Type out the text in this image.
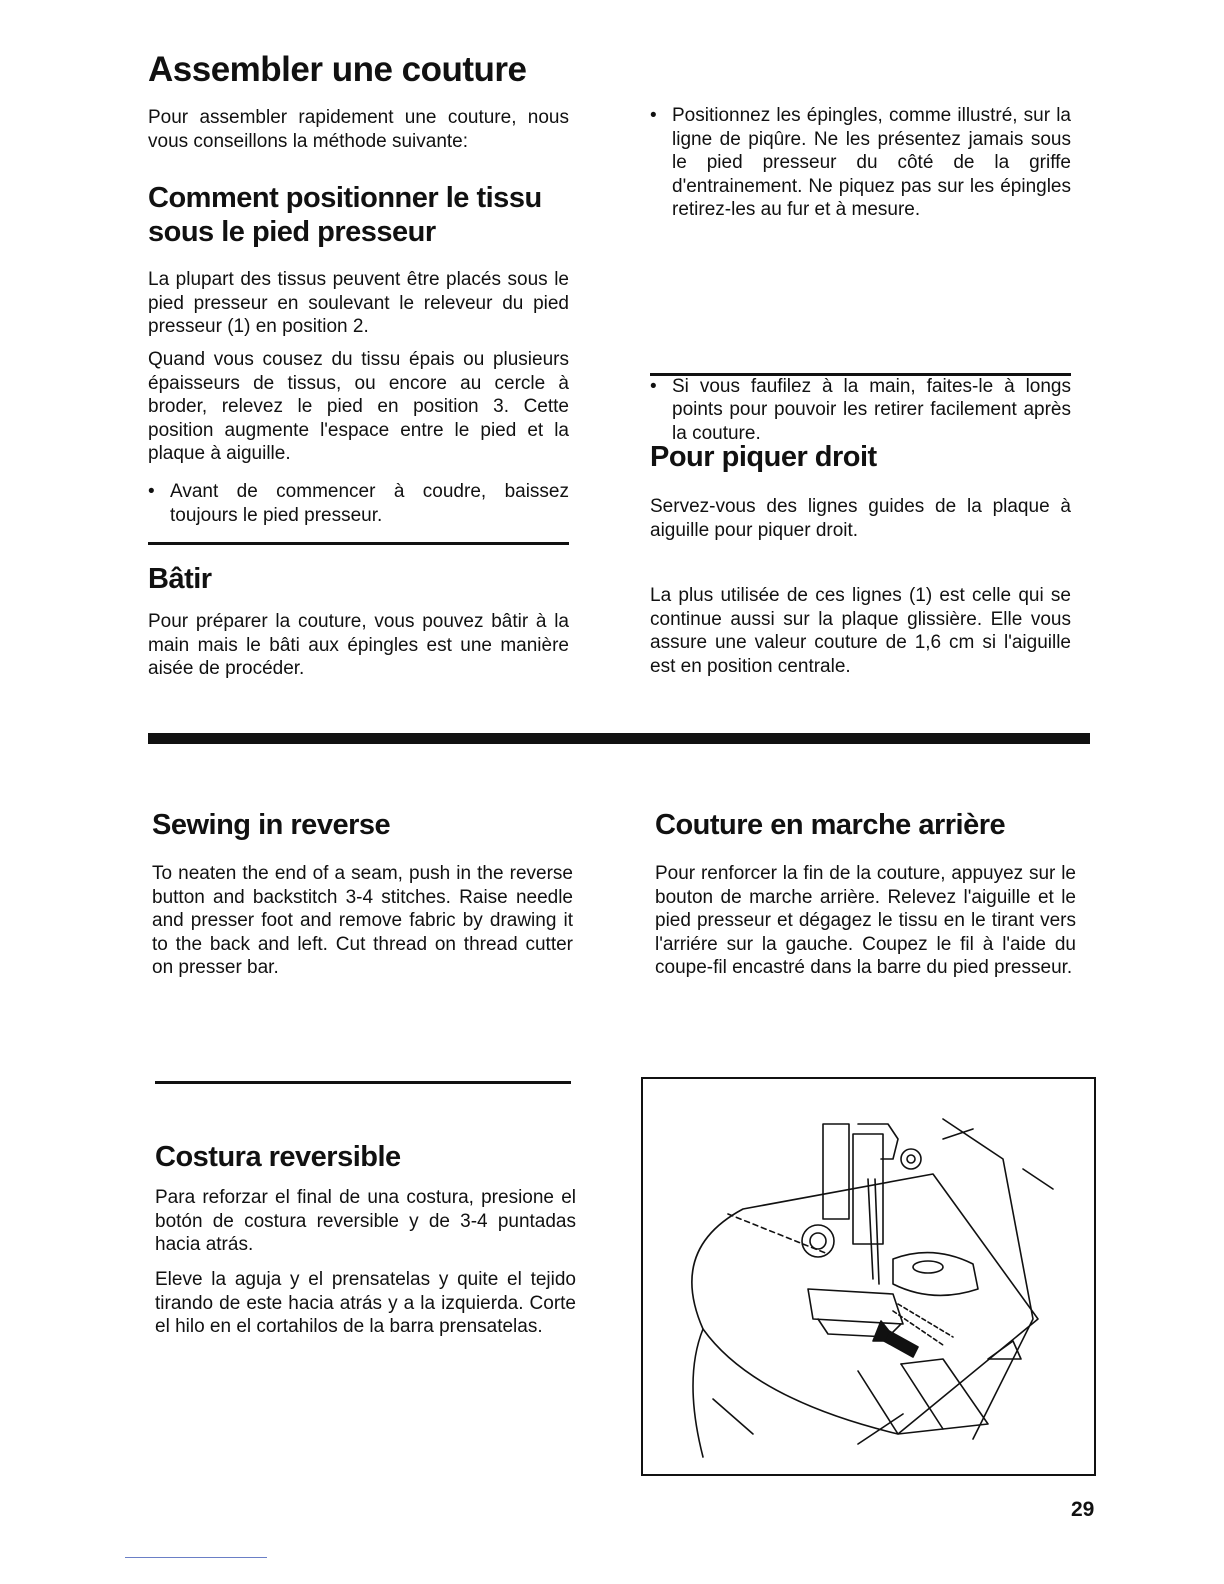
Assembler une couture

Pour assembler rapidement une couture, nous vous conseillons la méthode suivante:

Comment positionner le tissu sous le pied presseur

La plupart des tissus peuvent être placés sous le pied presseur en soulevant le releveur du pied presseur (1) en position 2.

Quand vous cousez du tissu épais ou plusieurs épaisseurs de tissus, ou encore au cercle à broder, relevez le pied en position 3. Cette position augmente l'espace entre le pied et la plaque à aiguille.

• Avant de commencer à coudre, baissez toujours le pied presseur.
Bâtir

Pour préparer la couture, vous pouvez bâtir à la main mais le bâti aux épingles est une manière aisée de procéder.

• Positionnez les épingles, comme illustré, sur la ligne de piqûre. Ne les présentez jamais sous le pied presseur du côté de la griffe d'entrainement. Ne piquez pas sur les épingles retirez-les au fur et à mesure.
• Si vous faufilez à la main, faites-le à longs points pour pouvoir les retirer facilement après la couture.
Pour piquer droit

Servez-vous des lignes guides de la plaque à aiguille pour piquer droit.

La plus utilisée de ces lignes (1) est celle qui se continue aussi sur la plaque glissière. Elle vous assure une valeur couture de 1,6 cm si l'aiguille est en position centrale.

Sewing in reverse

To neaten the end of a seam, push in the reverse button and backstitch 3-4 stitches. Raise needle and presser foot and remove fabric by drawing it to the back and left. Cut thread on thread cutter on presser bar.

Costura reversible

Para reforzar el final de una costura, presione el botón de costura reversible y de 3-4 puntadas hacia atrás.

Eleve la aguja y el prensatelas y quite el tejido tirando de este hacia atrás y a la izquierda. Corte el hilo en el cortahilos de la barra prensatelas.

Couture en marche arrière

Pour renforcer la fin de la couture, appuyez sur le bouton de marche arrière. Relevez l'aiguille et le pied presseur et dégagez le tissu en le tirant vers l'arriére sur la gauche. Coupez le fil à l'aide du coupe-fil encastré dans la barre du pied presseur.

29
